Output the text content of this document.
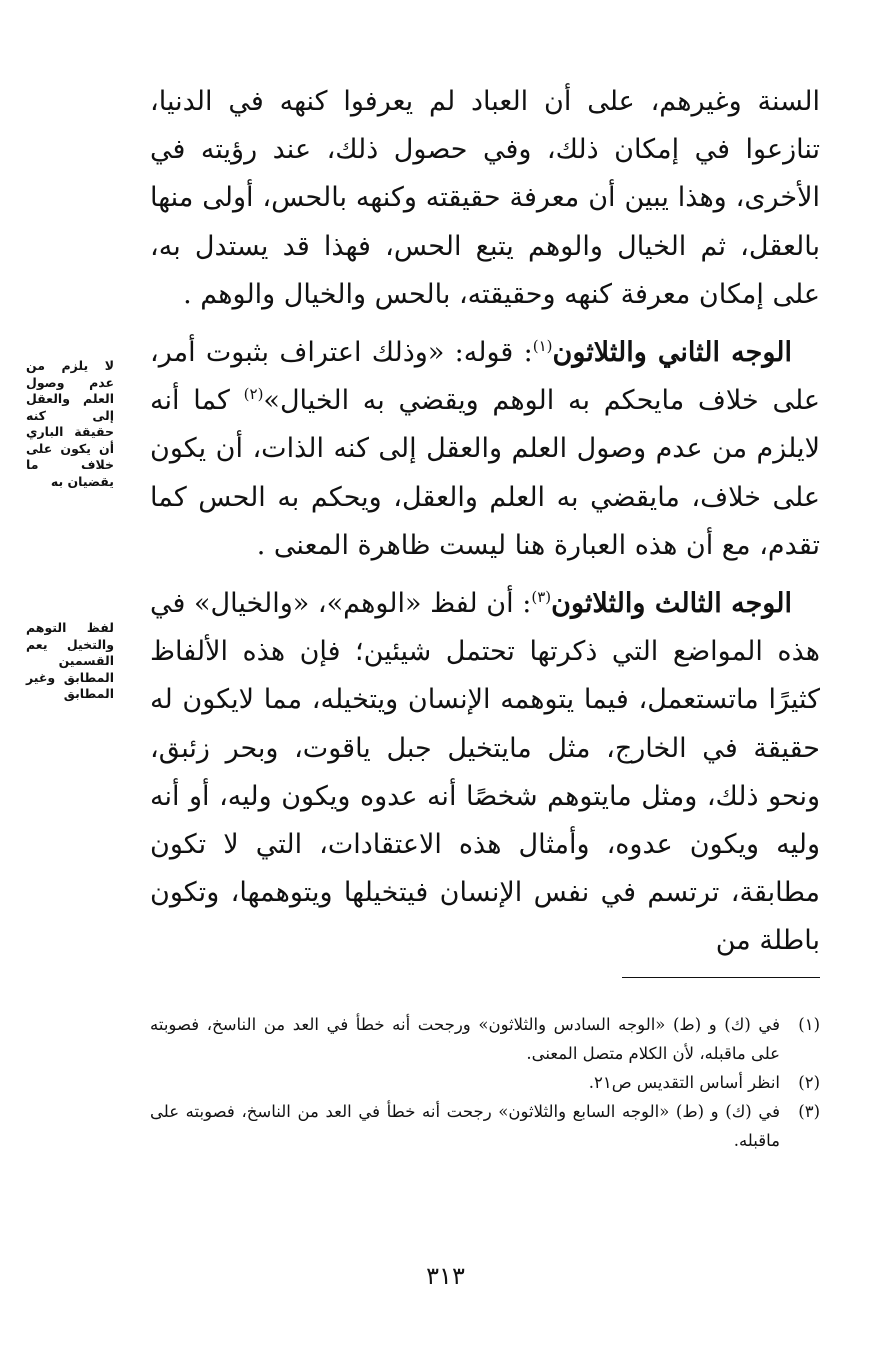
السنة وغيرهم، على أن العباد لم يعرفوا كنهه في الدنيا، تنازعوا في إمكان ذلك، وفي حصول ذلك، عند رؤيته في الأخرى، وهذا يبين أن معرفة حقيقته وكنهه بالحس، أولى منها بالعقل، ثم الخيال والوهم يتبع الحس، فهذا قد يستدل به، على إمكان معرفة كنهه وحقيقته، بالحس والخيال والوهم .

الوجه الثاني والثلاثون$^{(١)}$: قوله: «وذلك اعتراف بثبوت أمر، على خلاف مايحكم به الوهم ويقضي به الخيال»$^{(٢)}$ كما أنه لايلزم من عدم وصول العلم والعقل إلى كنه الذات، أن يكون على خلاف، مايقضي به العلم والعقل، ويحكم به الحس كما تقدم، مع أن هذه العبارة هنا ليست ظاهرة المعنى .

الوجه الثالث والثلاثون$^{(٣)}$: أن لفظ «الوهم»، «والخيال» في هذه المواضع التي ذكرتها تحتمل شيئين؛ فإن هذه الألفاظ كثيرًا ماتستعمل، فيما يتوهمه الإنسان ويتخيله، مما لايكون له حقيقة في الخارج، مثل مايتخيل جبل ياقوت، وبحر زئبق، ونحو ذلك، ومثل مايتوهم شخصًا أنه عدوه ويكون وليه، أو أنه وليه ويكون عدوه، وأمثال هذه الاعتقادات، التي لا تكون مطابقة، ترتسم في نفس الإنسان فيتخيلها ويتوهمها، وتكون باطلة من

لا يلزم من عدم وصول العلم والعقل إلى كنه حقيقة الباري أن يكون على خلاف ما يقضيان به
لفظ التوهم والتخيل يعم القسمين المطابق وغير المطابق
(١)
في (ك) و (ط) «الوجه السادس والثلاثون» ورجحت أنه خطأ في العد من الناسخ، فصوبته على ماقبله، لأن الكلام متصل المعنى.
(٢)
انظر أساس التقديس ص٢١.
(٣)
في (ك) و (ط) «الوجه السابع والثلاثون» رجحت أنه خطأ في العد من الناسخ، فصوبته على ماقبله.
٣١٣
